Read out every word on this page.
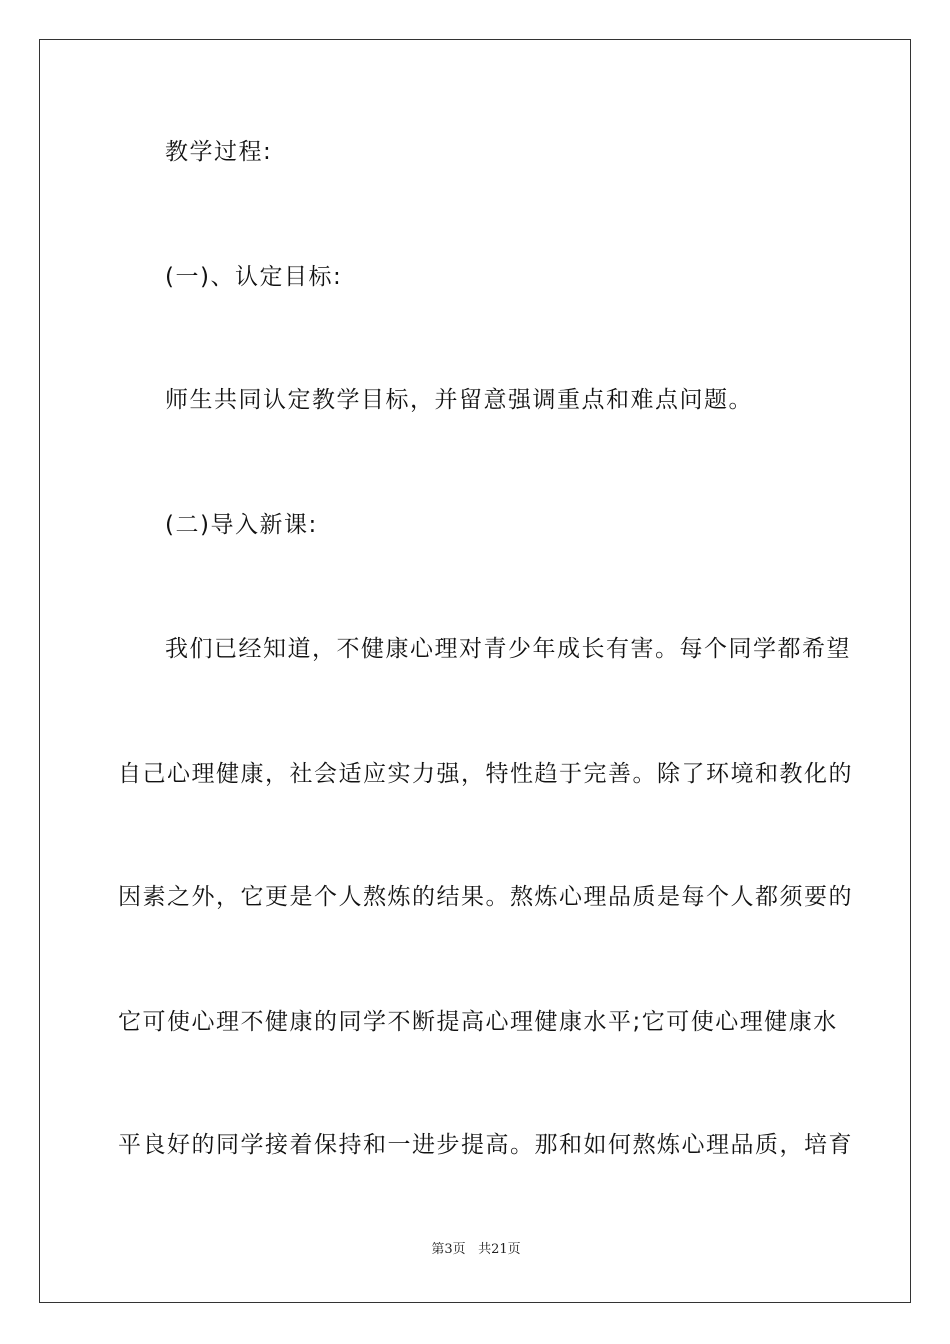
教学过程:
(一)、认定目标:
师生共同认定教学目标，并留意强调重点和难点问题。
(二)导入新课:
我们已经知道，不健康心理对青少年成长有害。每个同学都希望
自己心理健康，社会适应实力强，特性趋于完善。除了环境和教化的
因素之外，它更是个人熬炼的结果。熬炼心理品质是每个人都须要的
它可使心理不健康的同学不断提高心理健康水平;它可使心理健康水
平良好的同学接着保持和一进步提高。那和如何熬炼心理品质，培育
第3页 共21页
